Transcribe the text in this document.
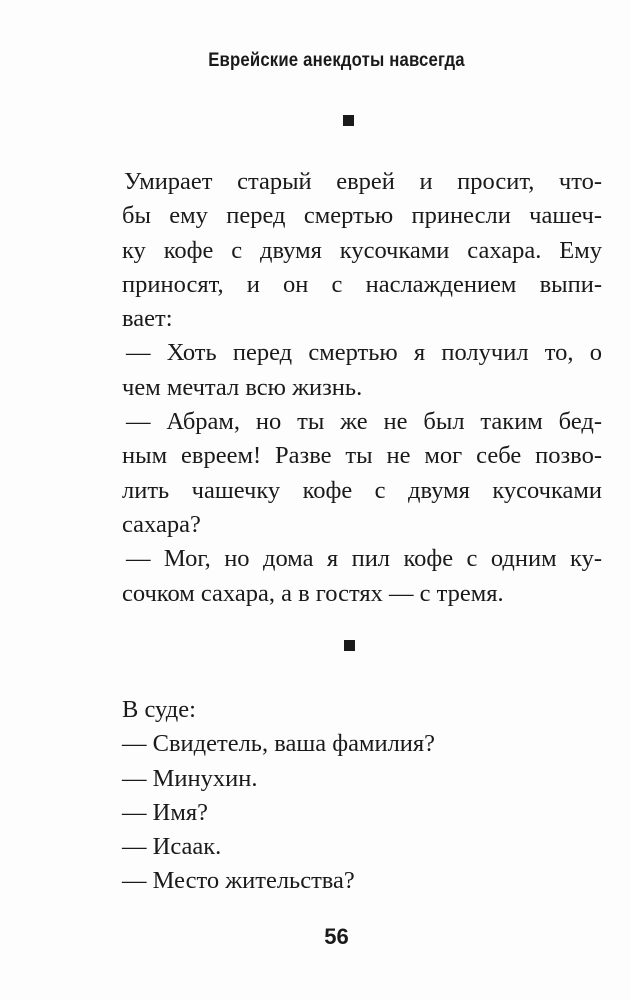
Еврейские анекдоты навсегда
Умирает старый еврей и просит, что-
бы ему перед смертью принесли чашеч-
ку кофе с двумя кусочками сахара. Ему
приносят, и он с наслаждением выпи-
вает:
— Хоть перед смертью я получил то, о
чем мечтал всю жизнь.
— Абрам, но ты же не был таким бед-
ным евреем! Разве ты не мог себе позво-
лить чашечку кофе с двумя кусочками
сахара?
— Мог, но дома я пил кофе с одним ку-
сочком сахара, а в гостях — с тремя.
В суде:
— Свидетель, ваша фамилия?
— Минухин.
— Имя?
— Исаак.
— Место жительства?
56
